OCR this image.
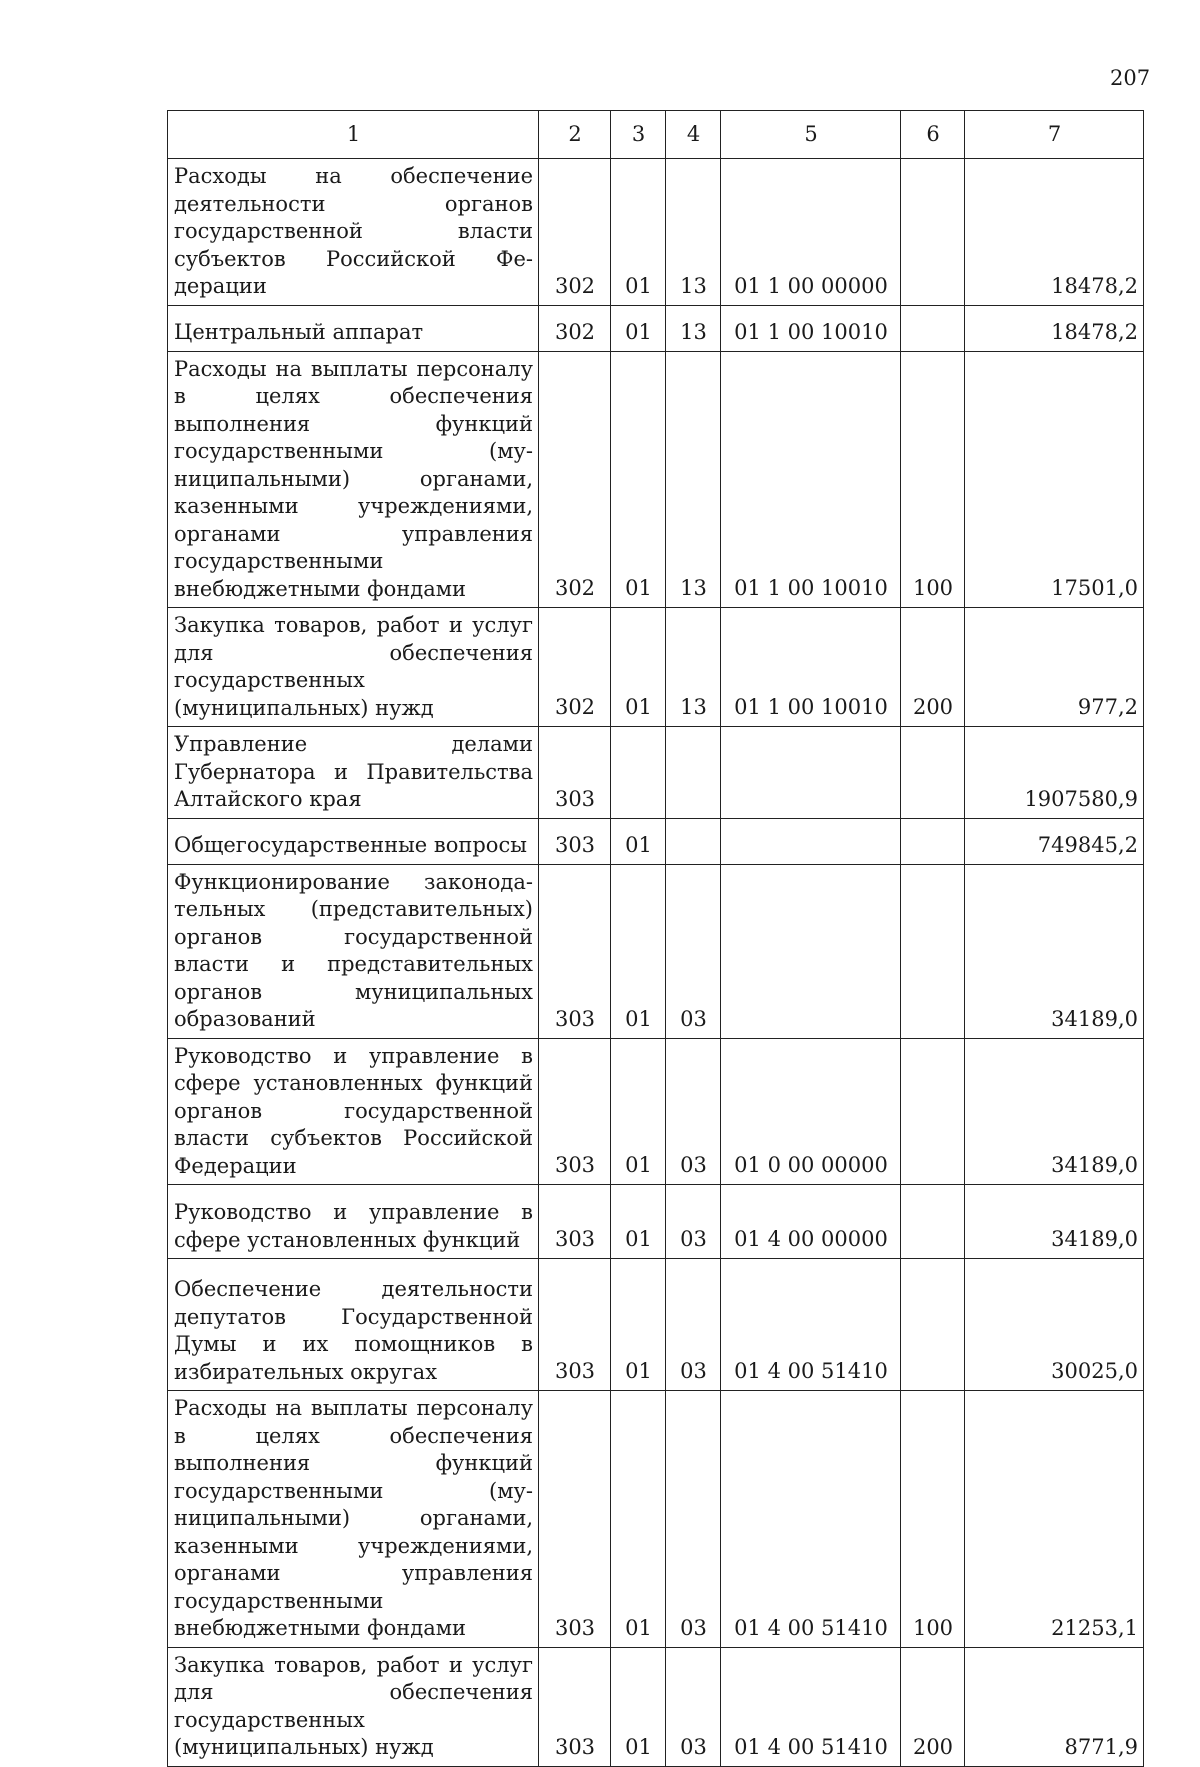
207
1	2	3	4	5	6	7
Расходы на обеспечение деятельности органов государственной власти субъектов Российской Федерации	302	01	13	01 1 00 00000		18478,2
Центральный аппарат	302	01	13	01 1 00 10010		18478,2
Расходы на выплаты персоналу в целях обеспечения выполнения функций государственными (муниципальными) органами, казенными учреждениями, органами управления государственными внебюджетными фондами	302	01	13	01 1 00 10010	100	17501,0
Закупка товаров, работ и услуг для обеспечения государственных (муниципальных) нужд	302	01	13	01 1 00 10010	200	977,2
Управление делами Губернатора и Правительства Алтайского края	303					1907580,9
Общегосударственные вопросы	303	01				749845,2
Функционирование законодательных (представительных) органов государственной власти и представительных органов муниципальных образований	303	01	03			34189,0
Руководство и управление в сфере установленных функций органов государственной власти субъектов Российской Федерации	303	01	03	01 0 00 00000		34189,0
Руководство и управление в сфере установленных функций	303	01	03	01 4 00 00000		34189,0
Обеспечение деятельности депутатов Государственной Думы и их помощников в избирательных округах	303	01	03	01 4 00 51410		30025,0
Расходы на выплаты персоналу в целях обеспечения выполнения функций государственными (муниципальными) органами, казенными учреждениями, органами управления государственными внебюджетными фондами	303	01	03	01 4 00 51410	100	21253,1
Закупка товаров, работ и услуг для обеспечения государственных (муниципальных) нужд	303	01	03	01 4 00 51410	200	8771,9
